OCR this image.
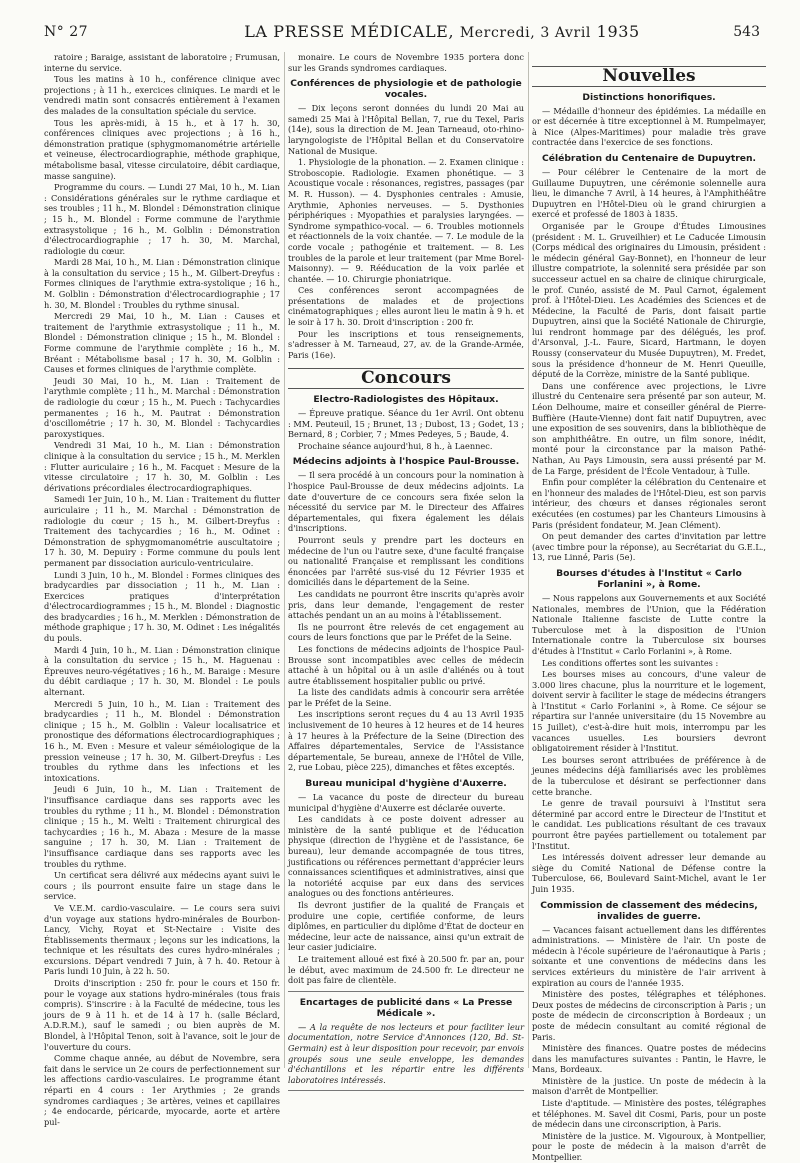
N° 27	LA PRESSE MÉDICALE, Mercredi, 3 Avril 1935	543

ratoire ; Baraige, assistant de laboratoire ; Frumusan, interne du service.

Tous les matins à 10 h., conférence clinique avec projections ; à 11 h., exercices cliniques. Le mardi et le vendredi matin sont consacrés entièrement à l'examen des malades de la consultation spéciale du service.

Tous les après-midi, à 15 h., et à 17 h. 30, conférences cliniques avec projections ; à 16 h., démonstration pratique (sphygmomanométrie artérielle et veineuse, électrocardiographie, méthode graphique, métabolisme basal, vitesse circulatoire, débit cardiaque, masse sanguine).

Programme du cours. — Lundi 27 Mai, 10 h., M. Lian : Considérations générales sur le rythme cardiaque et ses troubles ; 11 h., M. Blondel : Démonstration clinique ; 15 h., M. Blondel : Forme commune de l'arythmie extrasystolique ; 16 h., M. Golblin : Démonstration d'électrocardiographie ; 17 h. 30, M. Marchal, radiologie du cœur.

Mardi 28 Mai, 10 h., M. Lian : Démonstration clinique à la consultation du service ; 15 h., M. Gilbert-Dreyfus : Formes cliniques de l'arythmie extra-systolique ; 16 h., M. Golblin : Démonstration d'électrocardiographie ; 17 h. 30, M. Blondel : Troubles du rythme sinusal.

Mercredi 29 Mai, 10 h., M. Lian : Causes et traitement de l'arythmie extrasystolique ; 11 h., M. Blondel : Démonstration clinique ; 15 h., M. Blondel : Forme commune de l'arythmie complète ; 16 h., M. Bréant : Métabolisme basal ; 17 h. 30, M. Golblin : Causes et formes cliniques de l'arythmie complète.

Jeudi 30 Mai, 10 h., M. Lian : Traitement de l'arythmie complète ; 11 h., M. Marchal : Démonstration de radiologie du cœur ; 15 h., M. Puech : Tachycardies permanentes ; 16 h., M. Pautrat : Démonstration d'oscillométrie ; 17 h. 30, M. Blondel : Tachycardies paroxystiques.

Vendredi 31 Mai, 10 h., M. Lian : Démonstration clinique à la consultation du service ; 15 h., M. Merklen : Flutter auriculaire ; 16 h., M. Facquet : Mesure de la vitesse circulatoire ; 17 h. 30, M. Golblin : Les dérivations précordiales électrocardiographiques.

Samedi 1er Juin, 10 h., M. Lian : Traitement du flutter auriculaire ; 11 h., M. Marchal : Démonstration de radiologie du cœur ; 15 h., M. Gilbert-Dreyfus : Traitement des tachycardies ; 16 h., M. Odinet : Démonstration de sphygmomanométrie auscultatoire ; 17 h. 30, M. Depuiry : Forme commune du pouls lent permanent par dissociation auriculo-ventriculaire.

Lundi 3 Juin, 10 h., M. Blondel : Formes cliniques des bradycardies par dissociation ; 11 h., M. Lian : Exercices pratiques d'interprétation d'électrocardiogrammes ; 15 h., M. Blondel : Diagnostic des bradycardies ; 16 h., M. Merklen : Démonstration de méthode graphique ; 17 h. 30, M. Odinet : Les inégalités du pouls.

Mardi 4 Juin, 10 h., M. Lian : Démonstration clinique à la consultation du service ; 15 h., M. Haguenau : Épreuves neuro-végétatives ; 16 h., M. Baraige : Mesure du débit cardiaque ; 17 h. 30, M. Blondel : Le pouls alternant.

Mercredi 5 Juin, 10 h., M. Lian : Traitement des bradycardies ; 11 h., M. Blondel : Démonstration clinique ; 15 h., M. Golblin : Valeur localisatrice et pronostique des déformations électrocardiographiques ; 16 h., M. Even : Mesure et valeur séméiologique de la pression veineuse ; 17 h. 30, M. Gilbert-Dreyfus : Les troubles du rythme dans les infections et les intoxications.

Jeudi 6 Juin, 10 h., M. Lian : Traitement de l'insuffisance cardiaque dans ses rapports avec les troubles du rythme ; 11 h., M. Blondel : Démonstration clinique ; 15 h., M. Welti : Traitement chirurgical des tachycardies ; 16 h., M. Abaza : Mesure de la masse sanguine ; 17 h. 30, M. Lian : Traitement de l'insuffisance cardiaque dans ses rapports avec les troubles du rythme.

Un certificat sera délivré aux médecins ayant suivi le cours ; ils pourront ensuite faire un stage dans le service.

Ve V.E.M. cardio-vasculaire. — Le cours sera suivi d'un voyage aux stations hydro-minérales de Bourbon-Lancy, Vichy, Royat et St-Nectaire : Visite des Établissements thermaux ; leçons sur les indications, la technique et les résultats des cures hydro-minérales ; excursions. Départ vendredi 7 Juin, à 7 h. 40. Retour à Paris lundi 10 Juin, à 22 h. 50.

Droits d'inscription : 250 fr. pour le cours et 150 fr. pour le voyage aux stations hydro-minérales (tous frais compris). S'inscrire : à la Faculté de médecine, tous les jours de 9 à 11 h. et de 14 à 17 h. (salle Béclard, A.D.R.M.), sauf le samedi ; ou bien auprès de M. Blondel, à l'Hôpital Tenon, soit à l'avance, soit le jour de l'ouverture du cours.

Comme chaque année, au début de Novembre, sera fait dans le service un 2e cours de perfectionnement sur les affections cardio-vasculaires. Le programme étant réparti en 4 cours : 1er Arythmies ; 2e grands syndromes cardiaques ; 3e artères, veines et capillaires ; 4e endocarde, péricarde, myocarde, aorte et artère pul-

monaire. Le cours de Novembre 1935 portera donc sur les Grands syndromes cardiaques.

Conférences de physiologie et de pathologie vocales.

— Dix leçons seront données du lundi 20 Mai au samedi 25 Mai à l'Hôpital Bellan, 7, rue du Texel, Paris (14e), sous la direction de M. Jean Tarneaud, oto-rhino-laryngologiste de l'Hôpital Bellan et du Conservatoire National de Musique.

1. Physiologie de la phonation. — 2. Examen clinique : Stroboscopie. Radiologie. Examen phonétique. — 3 Acoustique vocale : résonances, registres, passages (par M. R. Husson). — 4. Dysphonies centrales : Amusie, Arythmie, Aphonies nerveuses. — 5. Dysthonies périphériques : Myopathies et paralysies laryngées. — Syndrome sympathico-vocal. — 6. Troubles motionnels et réactionnels de la voix chantée. — 7. Le module de la corde vocale ; pathogénie et traitement. — 8. Les troubles de la parole et leur traitement (par Mme Borel-Maisonny). — 9. Rééducation de la voix parlée et chantée. — 10. Chirurgie phoniatrique.

Ces conférences seront accompagnées de présentations de malades et de projections cinématographiques ; elles auront lieu le matin à 9 h. et le soir à 17 h. 30. Droit d'inscription : 200 fr.

Pour les inscriptions et tous renseignements, s'adresser à M. Tarneaud, 27, av. de la Grande-Armée, Paris (16e).

Concours
Electro-Radiologistes des Hôpitaux.

— Épreuve pratique. Séance du 1er Avril. Ont obtenu : MM. Peuteuil, 15 ; Brunet, 13 ; Dubost, 13 ; Godet, 13 ; Bernard, 8 ; Corbier, 7 ; Mmes Pedeyes, 5 ; Baude, 4.

Prochaine séance aujourd'hui, 8 h., à Laennec.

Médecins adjoints à l'hospice Paul-Brousse.

— Il sera procédé à un concours pour la nomination à l'hospice Paul-Brousse de deux médecins adjoints. La date d'ouverture de ce concours sera fixée selon la nécessité du service par M. le Directeur des Affaires départementales, qui fixera également les délais d'inscriptions.

Pourront seuls y prendre part les docteurs en médecine de l'un ou l'autre sexe, d'une faculté française ou nationalité Française et remplissant les conditions énoncées par l'arrêté sus-visé du 12 Février 1935 et domiciliés dans le département de la Seine.

Les candidats ne pourront être inscrits qu'après avoir pris, dans leur demande, l'engagement de rester attachés pendant un an au moins à l'établissement.

Ils ne pourront être relevés de cet engagement au cours de leurs fonctions que par le Préfet de la Seine.

Les fonctions de médecins adjoints de l'hospice Paul-Brousse sont incompatibles avec celles de médecin attaché à un hôpital ou à un asile d'aliénés ou à tout autre établissement hospitalier public ou privé.

La liste des candidats admis à concourir sera arrêtée par le Préfet de la Seine.

Les inscriptions seront reçues du 4 au 13 Avril 1935 inclusivement de 10 heures à 12 heures et de 14 heures à 17 heures à la Préfecture de la Seine (Direction des Affaires départementales, Service de l'Assistance départementale, 5e bureau, annexe de l'Hôtel de Ville, 2, rue Lobau, pièce 225), dimanches et fêtes exceptés.

Bureau municipal d'hygiène d'Auxerre.

— La vacance du poste de directeur du bureau municipal d'hygiène d'Auxerre est déclarée ouverte.

Les candidats à ce poste doivent adresser au ministère de la santé publique et de l'éducation physique (direction de l'hygiène et de l'assistance, 6e bureau), leur demande accompagnée de tous titres, justifications ou références permettant d'apprécier leurs connaissances scientifiques et administratives, ainsi que la notoriété acquise par eux dans des services analogues ou des fonctions antérieures.

Ils devront justifier de la qualité de Français et produire une copie, certifiée conforme, de leurs diplômes, en particulier du diplôme d'État de docteur en médecine, leur acte de naissance, ainsi qu'un extrait de leur casier judiciaire.

Le traitement alloué est fixé à 20.500 fr. par an, pour le début, avec maximum de 24.500 fr. Le directeur ne doit pas faire de clientèle.

Encartages de publicité dans « La Presse Médicale ».

— A la requête de nos lecteurs et pour faciliter leur documentation, notre Service d'Annonces (120, Bd. St-Germain) est à leur disposition pour recevoir, par envois groupés sous une seule enveloppe, les demandes d'échantillons et les répartir entre les différents laboratoires intéressés.

Nouvelles
Distinctions honorifiques.

— Médaille d'honneur des épidémies. La médaille en or est décernée à titre exceptionnel à M. Rumpelmayer, à Nice (Alpes-Maritimes) pour maladie très grave contractée dans l'exercice de ses fonctions.

Célébration du Centenaire de Dupuytren.

— Pour célébrer le Centenaire de la mort de Guillaume Dupuytren, une cérémonie solennelle aura lieu, le dimanche 7 Avril, à 14 heures, à l'Amphithéâtre Dupuytren en l'Hôtel-Dieu où le grand chirurgien a exercé et professé de 1803 à 1835.

Organisée par le Groupe d'Études Limousines (président : M. L. Gruveilhier) et Le Caducée Limousin (Corps médical des originaires du Limousin, président : le médecin général Gay-Bonnet), en l'honneur de leur illustre compatriote, la solennité sera présidée par son successeur actuel en sa chaire de clinique chirurgicale, le prof. Cunéo, assisté de M. Paul Carnot, également prof. à l'Hôtel-Dieu. Les Académies des Sciences et de Médecine, la Faculté de Paris, dont faisait partie Dupuytren, ainsi que la Société Nationale de Chirurgie, lui rendront hommage par des délégués, les prof. d'Arsonval, J.-L. Faure, Sicard, Hartmann, le doyen Roussy (conservateur du Musée Dupuytren), M. Fredet, sous la présidence d'honneur de M. Henri Queuille, député de la Corrèze, ministre de la Santé publique.

Dans une conférence avec projections, le Livre illustré du Centenaire sera présenté par son auteur, M. Léon Delhoume, maire et conseiller général de Pierre-Buffière (Haute-Vienne) dont fait natif Dupuytren, avec une exposition de ses souvenirs, dans la bibliothèque de son amphithéâtre. En outre, un film sonore, inédit, monté pour la circonstance par la maison Pathé-Nathan, Au Pays Limousin, sera aussi présenté par M. de La Farge, président de l'École Ventadour, à Tulle.

Enfin pour compléter la célébration du Centenaire et en l'honneur des malades de l'Hôtel-Dieu, est son parvis intérieur, des chœurs et danses régionales seront exécutées (en costumes) par les Chanteurs Limousins à Paris (président fondateur, M. Jean Clément).

On peut demander des cartes d'invitation par lettre (avec timbre pour la réponse), au Secrétariat du G.E.L., 13, rue Linné, Paris (5e).

Bourses d'études à l'Institut « Carlo Forlanini », à Rome.

— Nous rappelons aux Gouvernements et aux Société Nationales, membres de l'Union, que la Fédération Nationale Italienne fasciste de Lutte contre la Tuberculose met à la disposition de l'Union Internationale contre la Tuberculose six bourses d'études à l'Institut « Carlo Forlanini », à Rome.

Les conditions offertes sont les suivantes :

Les bourses mises au concours, d'une valeur de 3.000 lires chacune, plus la nourriture et le logement, doivent servir à faciliter le stage de médecins étrangers à l'Institut « Carlo Forlanini », à Rome. Ce séjour se répartira sur l'année universitaire (du 15 Novembre au 15 Juillet), c'est-à-dire huit mois, interrompu par les vacances usuelles. Les boursiers devront obligatoirement résider à l'Institut.

Les bourses seront attribuées de préférence à de jeunes médecins déjà familiarisés avec les problèmes de la tuberculose et désirant se perfectionner dans cette branche.

Le genre de travail poursuivi à l'Institut sera déterminé par accord entre le Directeur de l'Institut et le candidat. Les publications résultant de ces travaux pourront être payées partiellement ou totalement par l'Institut.

Les intéressés doivent adresser leur demande au siège du Comité National de Défense contre la Tuberculose, 66, Boulevard Saint-Michel, avant le 1er Juin 1935.

Commission de classement des médecins, invalides de guerre.

— Vacances faisant actuellement dans les différentes administrations. — Ministère de l'air. Un poste de médecin à l'école supérieure de l'aéronautique à Paris ; soixante et une conventions de médecins dans les services extérieurs du ministère de l'air arrivent à expiration au cours de l'année 1935.

Ministère des postes, télégraphes et téléphones. Deux postes de médecins de circonscription à Paris ; un poste de médecin de circonscription à Bordeaux ; un poste de médecin consultant au comité régional de Paris.

Ministère des finances. Quatre postes de médecins dans les manufactures suivantes : Pantin, le Havre, le Mans, Bordeaux.

Ministère de la justice. Un poste de médecin à la maison d'arrêt de Montpellier.

Liste d'aptitude. — Ministère des postes, télégraphes et téléphones. M. Savel dit Cosmi, Paris, pour un poste de médecin dans une circonscription, à Paris.

Ministère de la justice. M. Vigouroux, à Montpellier, pour le poste de médecin à la maison d'arrêt de Montpellier.
